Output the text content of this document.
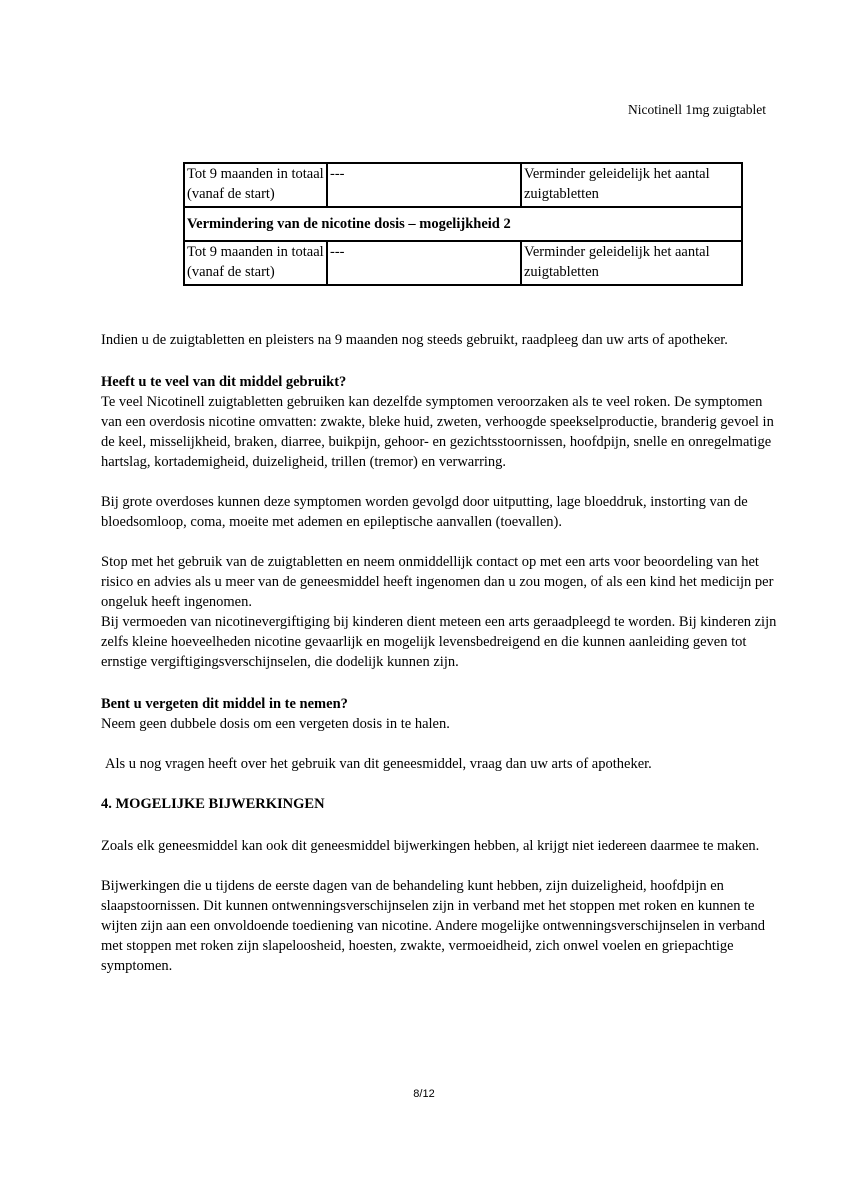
Nicotinell 1mg zuigtablet
Tot 9 maanden in totaal (vanaf de start)	---	Verminder geleidelijk het aantal zuigtabletten
Vermindering van de nicotine dosis – mogelijkheid 2		
Tot 9 maanden in totaal (vanaf de start)	---	Verminder geleidelijk het aantal zuigtabletten

Indien u de zuigtabletten en pleisters na 9 maanden nog steeds gebruikt, raadpleeg dan uw arts of apotheker.

Heeft u te veel van dit middel gebruikt?

Te veel Nicotinell zuigtabletten gebruiken kan dezelfde symptomen veroorzaken als te veel roken. De symptomen van een overdosis nicotine omvatten: zwakte, bleke huid, zweten, verhoogde speekselproductie, branderig gevoel in de keel, misselijkheid, braken, diarree, buikpijn, gehoor- en gezichtsstoornissen, hoofdpijn, snelle en onregelmatige hartslag, kortademigheid, duizeligheid, trillen (tremor) en verwarring.

Bij grote overdoses kunnen deze symptomen worden gevolgd door uitputting, lage bloeddruk, instorting van de bloedsomloop, coma, moeite met ademen en epileptische aanvallen (toevallen).

Stop met het gebruik van de zuigtabletten en neem onmiddellijk contact op met een arts voor beoordeling van het risico en advies als u meer van de geneesmiddel heeft ingenomen dan u zou mogen, of als een kind het medicijn per ongeluk heeft ingenomen.

Bij vermoeden van nicotinevergiftiging bij kinderen dient meteen een arts geraadpleegd te worden. Bij kinderen zijn zelfs kleine hoeveelheden nicotine gevaarlijk en mogelijk levensbedreigend en die kunnen aanleiding geven tot ernstige vergiftigingsverschijnselen, die dodelijk kunnen zijn.

Bent u vergeten dit middel in te nemen?

Neem geen dubbele dosis om een vergeten dosis in te halen.

Als u nog vragen heeft over het gebruik van dit geneesmiddel, vraag dan uw arts of apotheker.

4. MOGELIJKE BIJWERKINGEN

Zoals elk geneesmiddel kan ook dit geneesmiddel bijwerkingen hebben, al krijgt niet iedereen daarmee te maken.

Bijwerkingen die u tijdens de eerste dagen van de behandeling kunt hebben, zijn duizeligheid, hoofdpijn en slaapstoornissen. Dit kunnen ontwenningsverschijnselen zijn in verband met het stoppen met roken en kunnen te wijten zijn aan een onvoldoende toediening van nicotine. Andere mogelijke ontwenningsverschijnselen in verband met stoppen met roken zijn slapeloosheid, hoesten, zwakte, vermoeidheid, zich onwel voelen en griepachtige symptomen.

8/12
